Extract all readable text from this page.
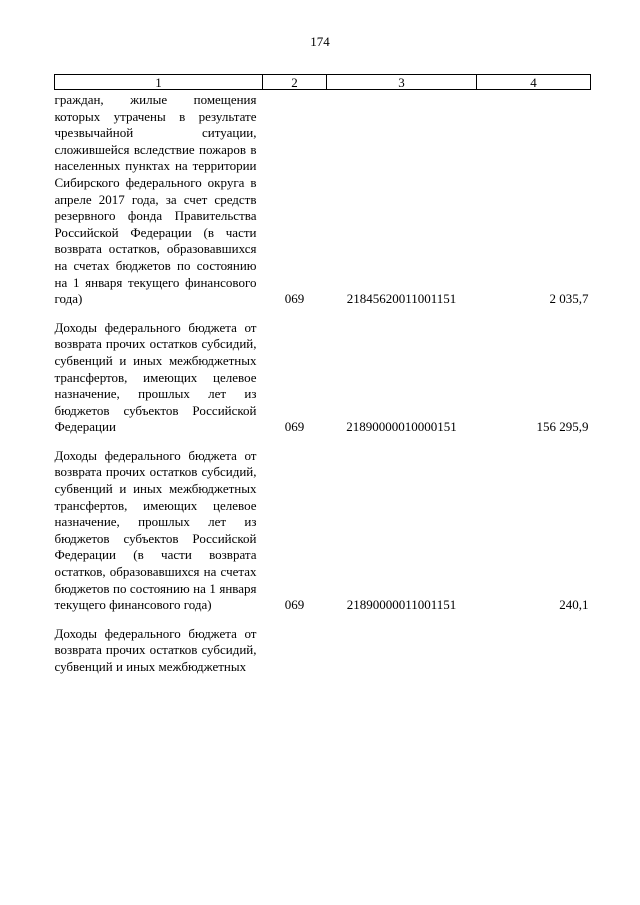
174
1	2	3	4
граждан, жилые помещения которых утрачены в результате чрезвычайной ситуации, сложившейся вследствие пожаров в населенных пунктах на территории Сибирского федерального округа в апреле 2017 года, за счет средств резервного фонда Правительства Российской Федерации (в части возврата остатков, образовавшихся на счетах бюджетов по состоянию на 1 января текущего финансового года)	069	21845620011001151	2 035,7

Доходы федерального бюджета от возврата прочих остатков субсидий, субвенций и иных межбюджетных трансфертов, имеющих целевое назначение, прошлых лет из бюджетов субъектов Российской Федерации	069	21890000010000151	156 295,9

Доходы федерального бюджета от возврата прочих остатков субсидий, субвенций и иных межбюджетных трансфертов, имеющих целевое назначение, прошлых лет из бюджетов субъектов Российской Федерации (в части возврата остатков, образовавшихся на счетах бюджетов по состоянию на 1 января текущего финансового года)	069	21890000011001151	240,1

Доходы федерального бюджета от возврата прочих остатков субсидий, субвенций и иных межбюджетных			
